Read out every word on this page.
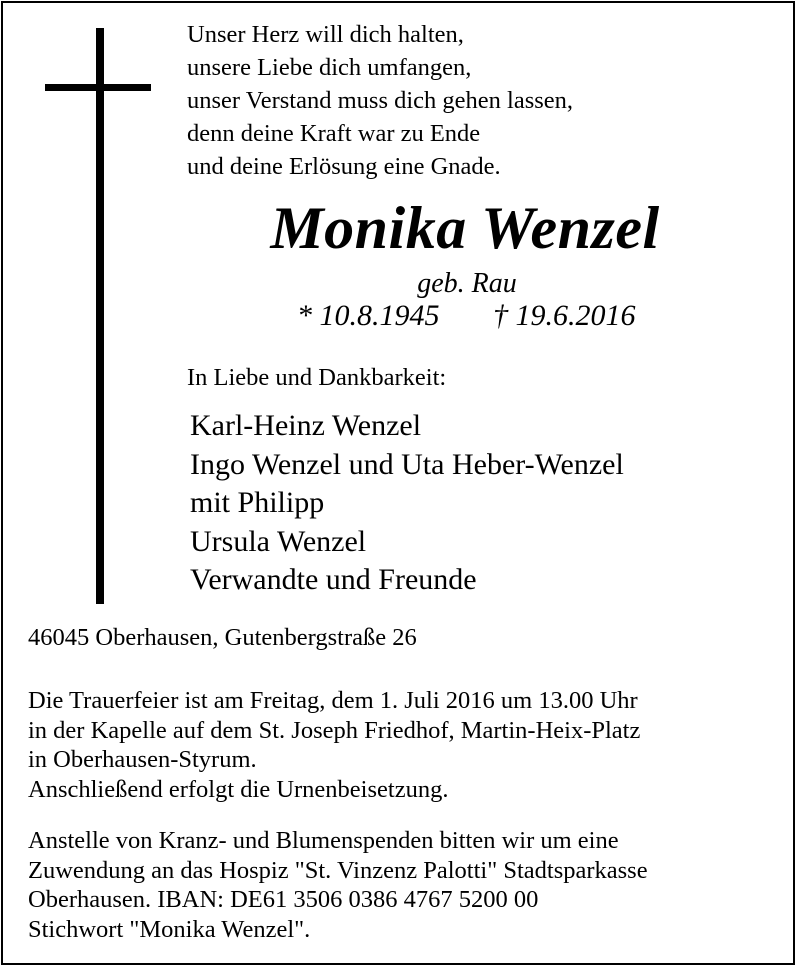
Unser Herz will dich halten,
unsere Liebe dich umfangen,
unser Verstand muss dich gehen lassen,
denn deine Kraft war zu Ende
und deine Erlösung eine Gnade.
Monika Wenzel
geb. Rau
* 10.8.1945 † 19.6.2016
In Liebe und Dankbarkeit:
Karl-Heinz Wenzel
Ingo Wenzel und Uta Heber-Wenzel
mit Philipp
Ursula Wenzel
Verwandte und Freunde
46045 Oberhausen, Gutenbergstraße 26
Die Trauerfeier ist am Freitag, dem 1. Juli 2016 um 13.00 Uhr
in der Kapelle auf dem St. Joseph Friedhof, Martin-Heix-Platz
in Oberhausen-Styrum.
Anschließend erfolgt die Urnenbeisetzung.
Anstelle von Kranz- und Blumenspenden bitten wir um eine
Zuwendung an das Hospiz "St. Vinzenz Palotti" Stadtsparkasse
Oberhausen. IBAN: DE61 3506 0386 4767 5200 00
Stichwort "Monika Wenzel".
